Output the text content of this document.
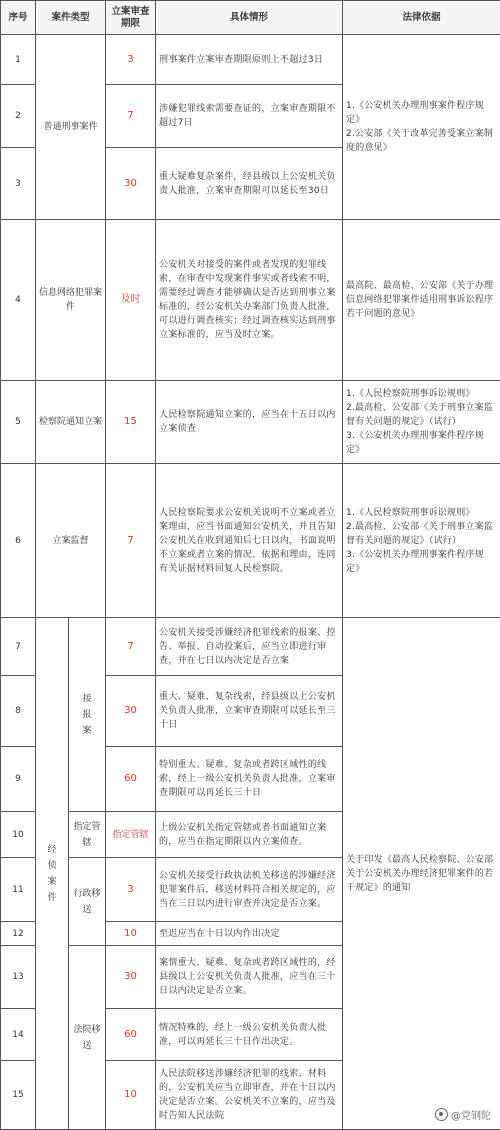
序号	案件类型		立案审查期限	具体情形	法律依据
1	普通刑事案件		3	刑事案件立案审查期限原则上不超过3日	1.《公安机关办理刑事案件程序规定》
2.公安部《关于改革完善受案立案制度的意见》
2			7	涉嫌犯罪线索需要查证的，立案审查期限不超过7日	
3			30	重大疑难复杂案件，经县级以上公安机关负责人批准，立案审查期限可以延长至30日	
4	信息网络犯罪案件		及时	公安机关对接受的案件或者发现的犯罪线索，在审查中发现案件事实或者线索不明，需要经过调查才能够确认是否达到刑事立案标准的，经公安机关办案部门负责人批准，可以进行调查核实；经过调查核实达到刑事立案标准的，应当及时立案。	最高院、最高检、公安部《关于办理信息网络犯罪案件适用刑事诉讼程序若干问题的意见》
5	检察院通知立案		15	人民检察院通知立案的，应当在十五日以内立案侦查	1.《人民检察院刑事诉讼规则》
2.最高检、公安部《关于刑事立案监督有关问题的规定》（试行）
3.《公安机关办理刑事案件程序规定》
6	立案监督		7	人民检察院要求公安机关说明不立案或者立案理由，应当书面通知公安机关，并且告知公安机关在收到通知后七日以内，书面说明不立案或者立案的情况、依据和理由，连同有关证据材料回复人民检察院。	1.《人民检察院刑事诉讼规则》
2.最高检、公安部《关于刑事立案监督有关问题的规定》（试行）
3.《公安机关办理刑事案件程序规定》
7	经侦案件	接报案	7	公安机关接受涉嫌经济犯罪线索的报案、控告、举报、自动投案后，应当立即进行审查，并在七日以内决定是否立案	关于印发《最高人民检察院、公安部关于公安机关办理经济犯罪案件的若干规定》的通知
8			30	重大、疑难、复杂线索，经县级以上公安机关负责人批准，立案审查期限可以延长至三十日	
9			60	特别重大、疑难、复杂或者跨区域性的线索，经上一级公安机关负责人批准，立案审查期限可以再延长三十日	
10		指定管辖	指定管辖	上级公安机关指定管辖或者书面通知立案的，应当在指定期限以内立案侦查。	
11		行政移送	3	公安机关接受行政执法机关移送的涉嫌经济犯罪案件后，移送材料符合相关规定的，应当在三日以内进行审查并决定是否立案。	
12			10	至迟应当在十日以内作出决定	
13		法院移送	30	案情重大、疑难、复杂或者跨区域性的，经县级以上公安机关负责人批准，应当在三十日以内决定是否立案。	
14			60	情况特殊的，经上一级公安机关负责人批准，可以再延长三十日作出决定。	
15			10	人民法院移送涉嫌经济犯罪的线索、材料的，公安机关应当立即审查，并在十日以内决定是否立案。公安机关不立案的，应当及时告知人民法院		@党钢陀
